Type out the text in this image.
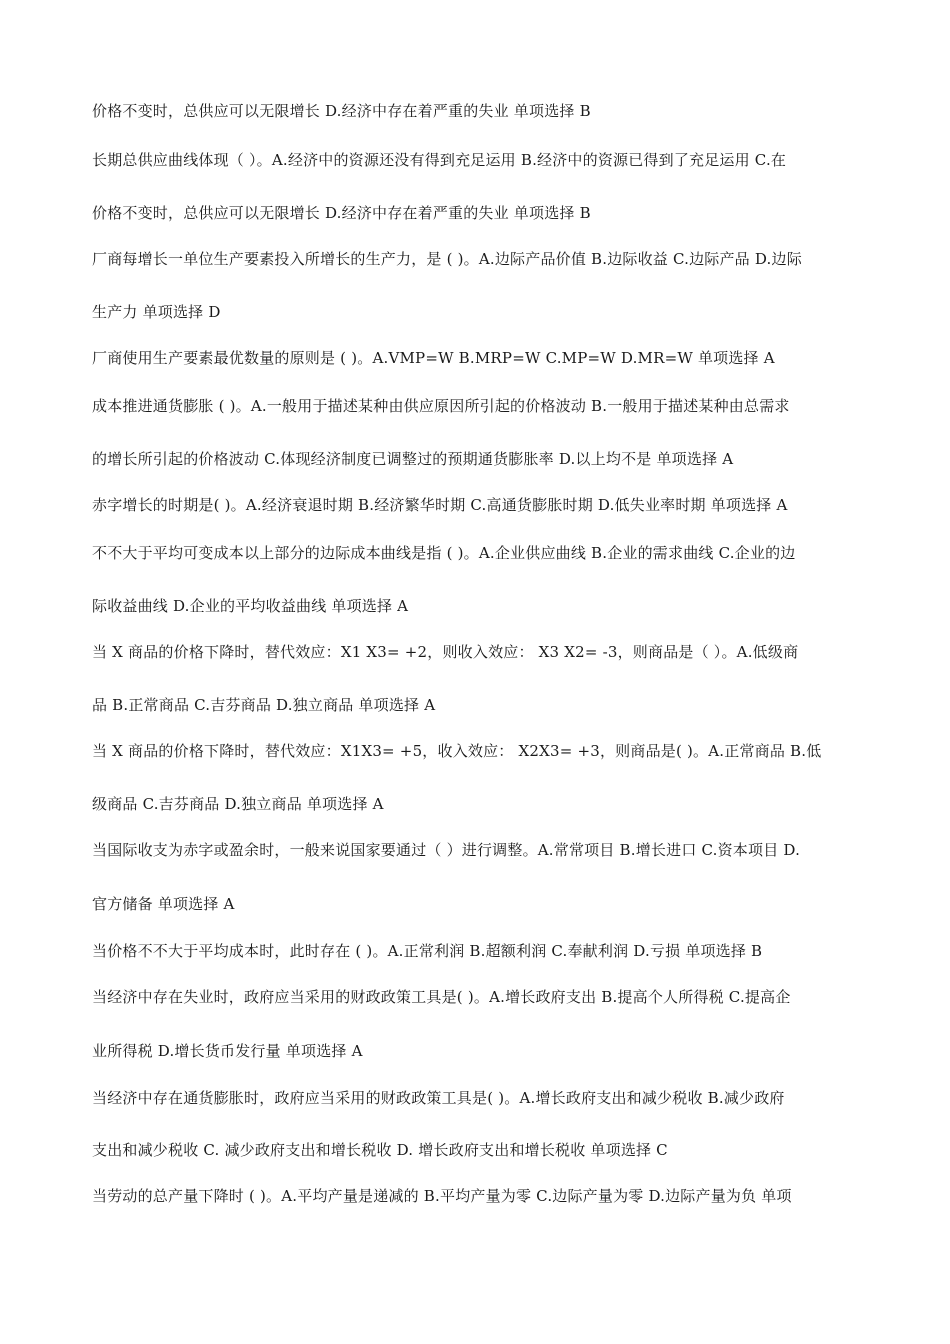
价格不变时，总供应可以无限增长 D.经济中存在着严重的失业 单项选择 B
长期总供应曲线体现（ ）。A.经济中的资源还没有得到充足运用 B.经济中的资源已得到了充足运用 C.在
价格不变时，总供应可以无限增长 D.经济中存在着严重的失业 单项选择 B
厂商每增长一单位生产要素投入所增长的生产力，是 ( )。A.边际产品价值 B.边际收益 C.边际产品 D.边际
生产力 单项选择 D
厂商使用生产要素最优数量的原则是 ( )。A.VMP=W B.MRP=W C.MP=W D.MR=W 单项选择 A
成本推进通货膨胀 ( )。A.一般用于描述某种由供应原因所引起的价格波动 B.一般用于描述某种由总需求
的增长所引起的价格波动 C.体现经济制度已调整过的预期通货膨胀率 D.以上均不是 单项选择 A
赤字增长的时期是( )。A.经济衰退时期 B.经济繁华时期 C.高通货膨胀时期 D.低失业率时期 单项选择 A
不不大于平均可变成本以上部分的边际成本曲线是指 ( )。A.企业供应曲线 B.企业的需求曲线 C.企业的边
际收益曲线 D.企业的平均收益曲线 单项选择 A
当 X 商品的价格下降时，替代效应：X1 X3= +2，则收入效应： X3 X2= -3，则商品是（ ）。A.低级商
品 B.正常商品 C.吉芬商品 D.独立商品 单项选择 A
当 X 商品的价格下降时，替代效应：X1X3= +5，收入效应： X2X3= +3，则商品是( )。A.正常商品 B.低
级商品 C.吉芬商品 D.独立商品 单项选择 A
当国际收支为赤字或盈余时，一般来说国家要通过（ ）进行调整。A.常常项目 B.增长进口 C.资本项目 D.
官方储备 单项选择 A
当价格不不大于平均成本时，此时存在 ( )。A.正常利润 B.超额利润 C.奉献利润 D.亏损 单项选择 B
当经济中存在失业时，政府应当采用的财政政策工具是( )。A.增长政府支出 B.提高个人所得税 C.提高企
业所得税 D.增长货币发行量 单项选择 A
当经济中存在通货膨胀时，政府应当采用的财政政策工具是( )。A.增长政府支出和减少税收 B.减少政府
支出和减少税收 C. 减少政府支出和增长税收 D. 增长政府支出和增长税收 单项选择 C
当劳动的总产量下降时 ( )。A.平均产量是递减的 B.平均产量为零 C.边际产量为零 D.边际产量为负 单项
